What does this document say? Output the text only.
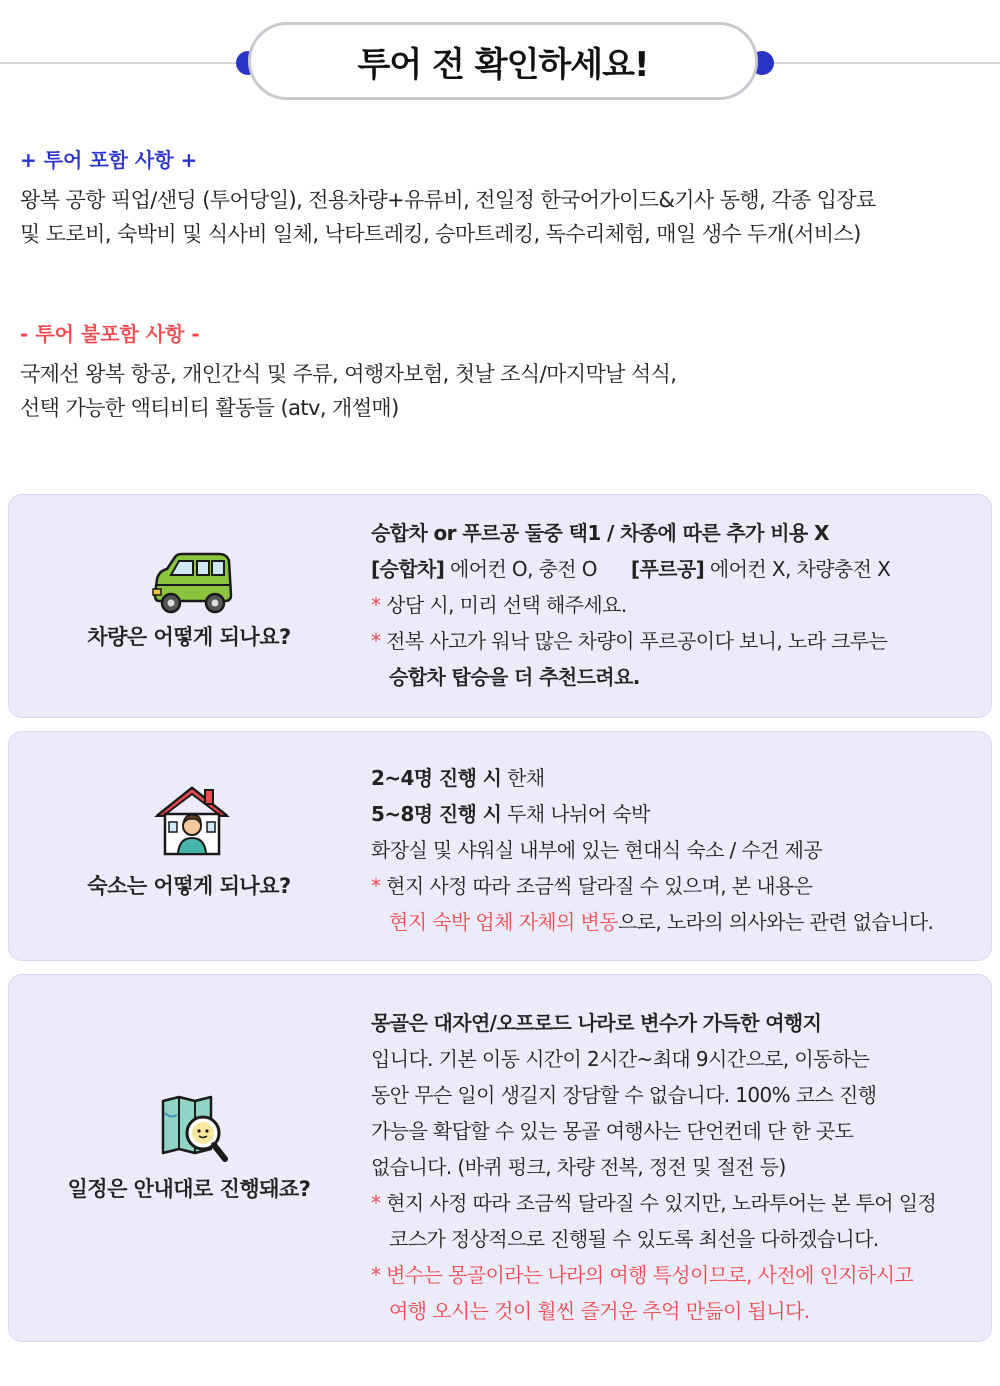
투어 전 확인하세요!
+ 투어 포함 사항 +
왕복 공항 픽업/샌딩 (투어당일), 전용차량+유류비, 전일정 한국어가이드&기사 동행, 각종 입장료
및 도로비, 숙박비 및 식사비 일체, 낙타트레킹, 승마트레킹, 독수리체험, 매일 생수 두개(서비스)
- 투어 불포함 사항 -
국제선 왕복 항공, 개인간식 및 주류, 여행자보험, 첫날 조식/마지막날 석식,
선택 가능한 액티비티 활동들 (atv, 개썰매)
차량은 어떻게 되나요?
승합차 or 푸르공 둘중 택1 / 차종에 따른 추가 비용 X
[승합차] 에어컨 O, 충전 O [푸르공] 에어컨 X, 차량충전 X
* 상담 시, 미리 선택 해주세요.
* 전복 사고가 워낙 많은 차량이 푸르공이다 보니, 노라 크루는
승합차 탑승을 더 추천드려요.
숙소는 어떻게 되나요?
2~4명 진행 시 한채
5~8명 진행 시 두채 나뉘어 숙박
화장실 및 샤워실 내부에 있는 현대식 숙소 / 수건 제공
* 현지 사정 따라 조금씩 달라질 수 있으며, 본 내용은
현지 숙박 업체 자체의 변동으로, 노라의 의사와는 관련 없습니다.
일정은 안내대로 진행돼죠?
몽골은 대자연/오프로드 나라로 변수가 가득한 여행지
입니다. 기본 이동 시간이 2시간~최대 9시간으로, 이동하는
동안 무슨 일이 생길지 장담할 수 없습니다. 100% 코스 진행
가능을 확답할 수 있는 몽골 여행사는 단언컨데 단 한 곳도
없습니다. (바퀴 펑크, 차량 전복, 정전 및 절전 등)
* 현지 사정 따라 조금씩 달라질 수 있지만, 노라투어는 본 투어 일정
코스가 정상적으로 진행될 수 있도록 최선을 다하겠습니다.
* 변수는 몽골이라는 나라의 여행 특성이므로, 사전에 인지하시고
여행 오시는 것이 훨씬 즐거운 추억 만듦이 됩니다.
